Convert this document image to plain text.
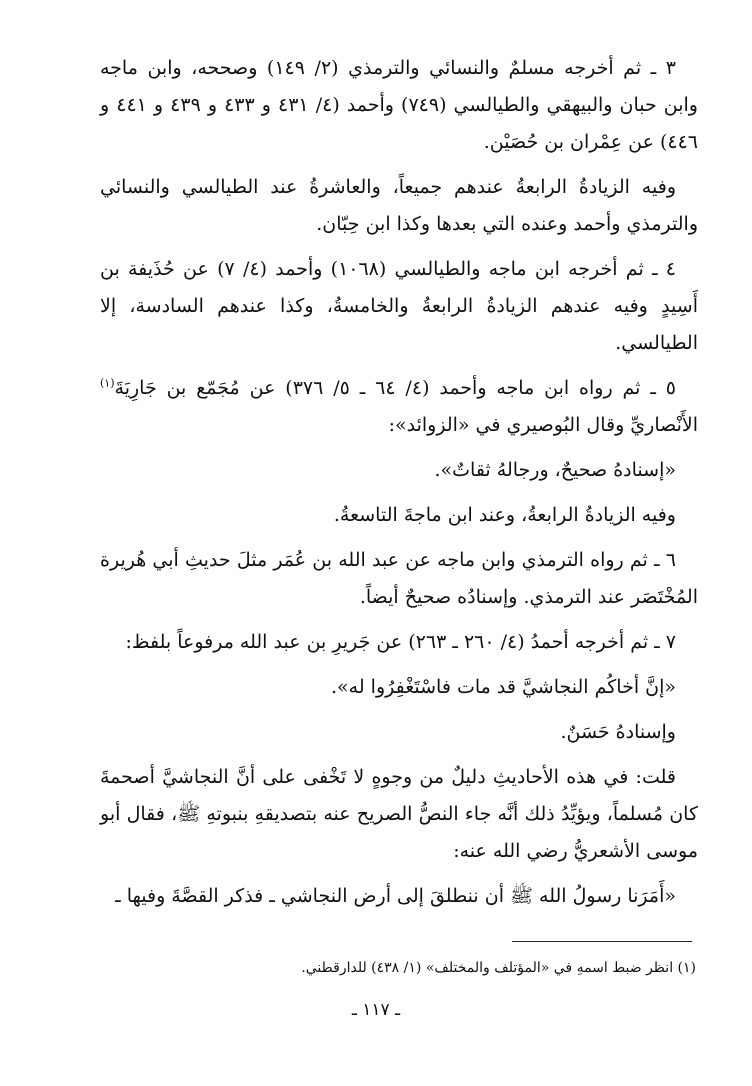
٣ ـ ثم أخرجه مسلمٌ والنسائي والترمذي (٢/ ١٤٩) وصححه، وابن ماجه وابن حبان والبيهقي والطيالسي (٧٤٩) وأحمد (٤/ ٤٣١ و ٤٣٣ و ٤٣٩ و ٤٤١ و ٤٤٦) عن عِمْران بن حُصَيْن.

وفيه الزيادةُ الرابعةُ عندهم جميعاً، والعاشرةُ عند الطيالسي والنسائي والترمذي وأحمد وعنده التي بعدها وكذا ابن حِبّان.

٤ ـ ثم أخرجه ابن ماجه والطيالسي (١٠٦٨) وأحمد (٤/ ٧) عن حُذَيفة بن أَسِيدٍ وفيه عندهم الزيادةُ الرابعةُ والخامسةُ، وكذا عندهم السادسة، إلا الطيالسي.

٥ ـ ثم رواه ابن ماجه وأحمد (٤/ ٦٤ ـ ٥/ ٣٧٦) عن مُجَمّع بن جَارِيَةَ$^{(١)}$ الأَنْصاريِّ وقال البُوصيري في «الزوائد»:

«إسنادهُ صحيحٌ، ورجالهُ ثقاتٌ».

وفيه الزيادةُ الرابعةُ، وعند ابن ماجةَ التاسعةُ.

٦ ـ ثم رواه الترمذي وابن ماجه عن عبد الله بن عُمَر مثلَ حديثِ أبي هُريرة المُخْتَصَر عند الترمذي. وإسنادُه صحيحٌ أيضاً.

٧ ـ ثم أخرجه أحمدُ (٤/ ٢٦٠ ـ ٢٦٣) عن جَريرِ بن عبد الله مرفوعاً بلفظ:

«إنَّ أخاكُم النجاشيَّ قد مات فاسْتَغْفِرُوا له».

وإسنادهُ حَسَنٌ.

قلت: في هذه الأحاديثِ دليلٌ من وجوهٍ لا تَخْفى على أنَّ النجاشيَّ أصحمةَ كان مُسلماً، ويؤيِّدُ ذلك أنَّه جاء النصُّ الصريح عنه بتصديقهِ بنبوتهِ ﷺ، فقال أبو موسى الأشعريُّ رضي الله عنه:

«أَمَرَنا رسولُ الله ﷺ أن ننطلقَ إلى أرض النجاشي ـ فذكر القصَّةَ وفيها ـ

(١) انظر ضبط اسمهِ في «المؤتلف والمختلف» (١/ ٤٣٨) للدارقطني.
ـ ١١٧ ـ
